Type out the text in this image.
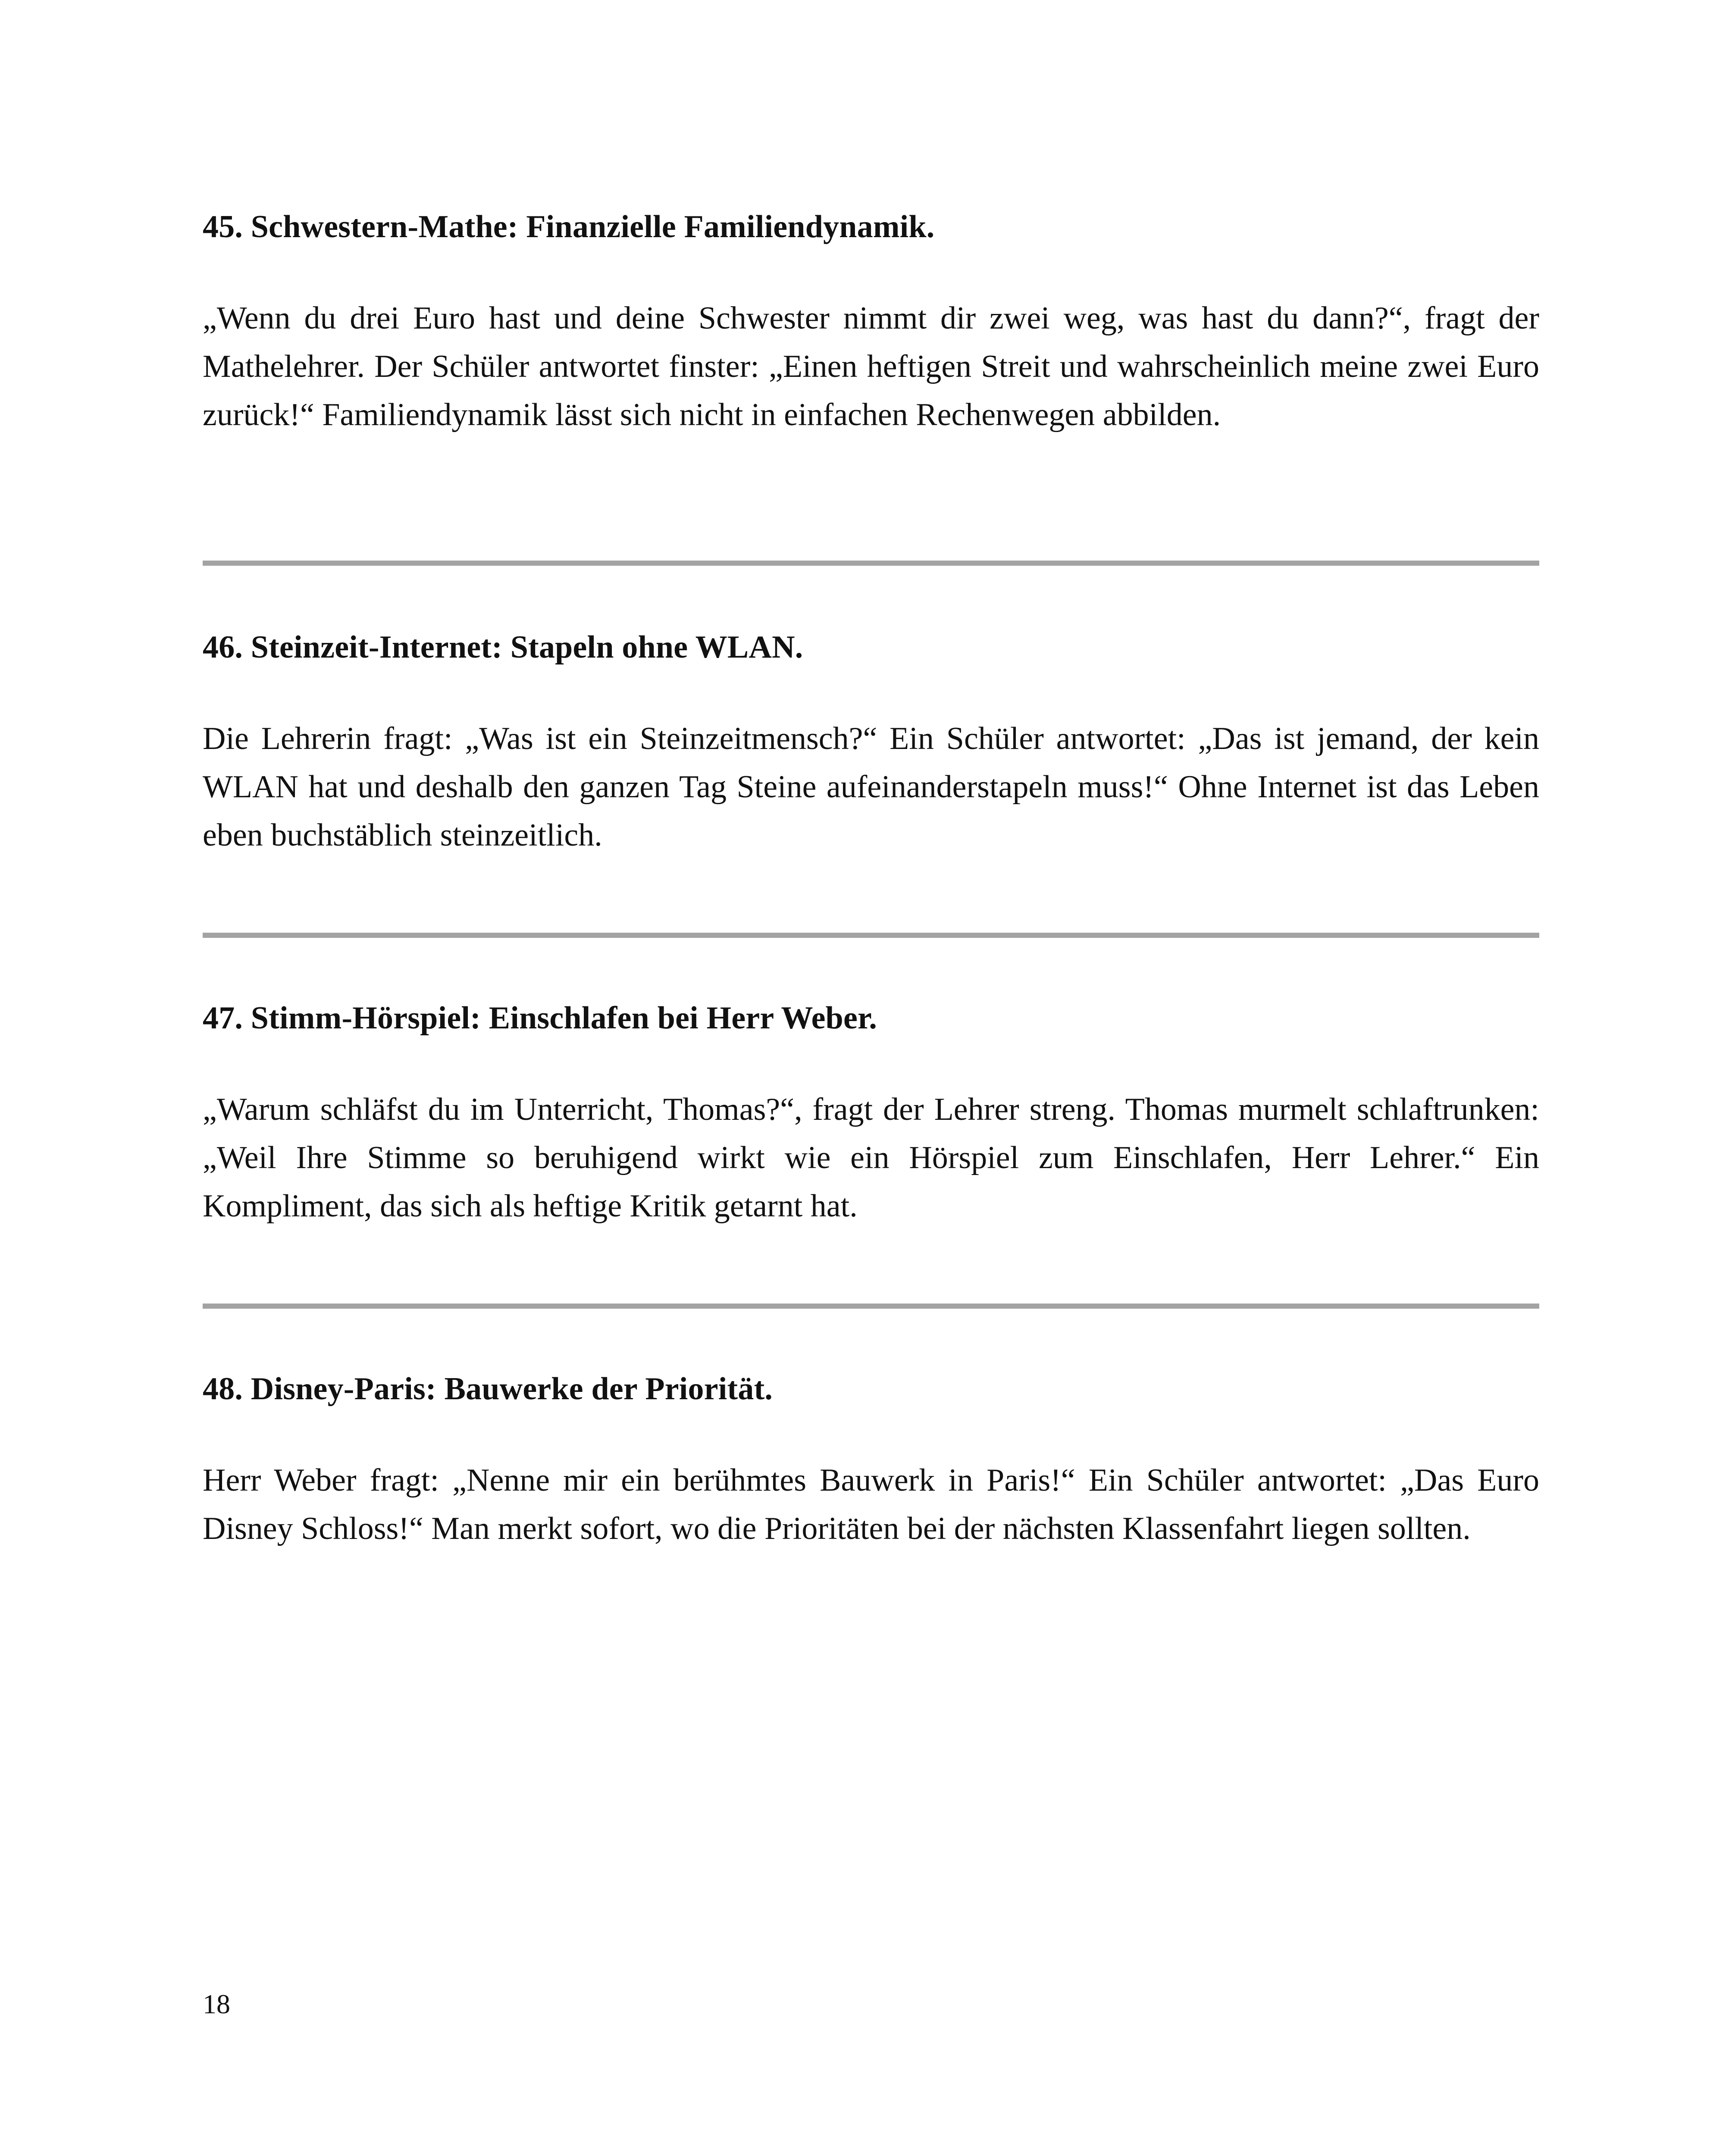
45. Schwestern-Mathe: Finanzielle Familiendynamik.

„Wenn du drei Euro hast und deine Schwester nimmt dir zwei weg, was hast du dann?“, fragt der Mathelehrer. Der Schüler antwortet finster: „Einen heftigen Streit und wahrscheinlich meine zwei Euro zurück!“ Familiendynamik lässt sich nicht in einfachen Rechenwegen abbilden.

46. Steinzeit-Internet: Stapeln ohne WLAN.

Die Lehrerin fragt: „Was ist ein Steinzeitmensch?“ Ein Schüler antwortet: „Das ist jemand, der kein WLAN hat und deshalb den ganzen Tag Steine aufeinanderstapeln muss!“ Ohne Internet ist das Leben eben buchstäblich steinzeitlich.

47. Stimm-Hörspiel: Einschlafen bei Herr Weber.

„Warum schläfst du im Unterricht, Thomas?“, fragt der Lehrer streng. Thomas murmelt schlaftrunken: „Weil Ihre Stimme so beruhigend wirkt wie ein Hörspiel zum Einschlafen, Herr Lehrer.“ Ein Kompliment, das sich als heftige Kritik getarnt hat.

48. Disney-Paris: Bauwerke der Priorität.

Herr Weber fragt: „Nenne mir ein berühmtes Bauwerk in Paris!“ Ein Schüler antwortet: „Das Euro Disney Schloss!“ Man merkt sofort, wo die Prioritäten bei der nächsten Klassenfahrt liegen sollten.

18
